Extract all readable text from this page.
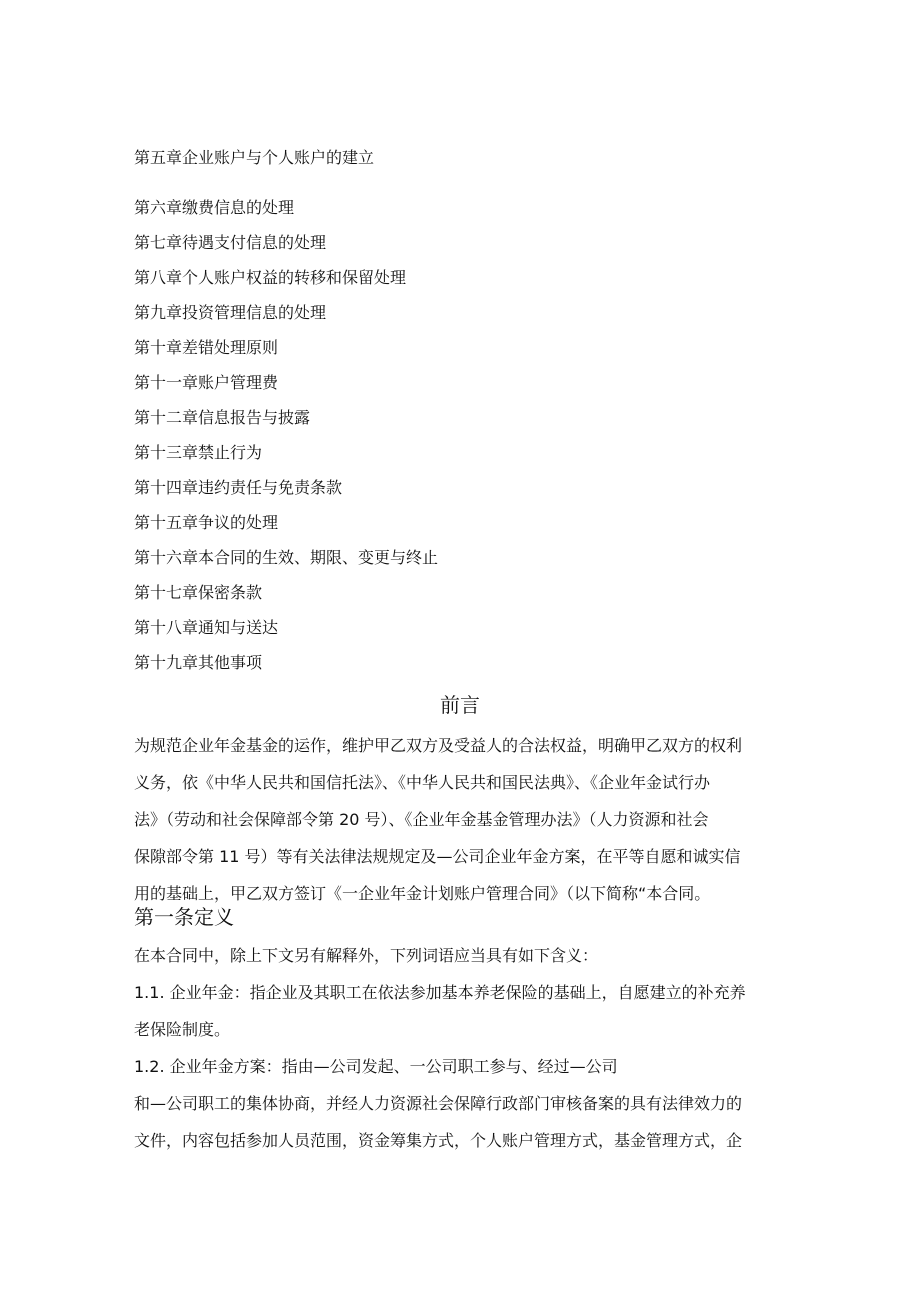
第五章企业账户与个人账户的建立
第六章缴费信息的处理
第七章待遇支付信息的处理
第八章个人账户权益的转移和保留处理
第九章投资管理信息的处理
第十章差错处理原则
第十一章账户管理费
第十二章信息报告与披露
第十三章禁止行为
第十四章违约责任与免责条款
第十五章争议的处理
第十六章本合同的生效、期限、变更与终止
第十七章保密条款
第十八章通知与送达
第十九章其他事项
前言
为规范企业年金基金的运作，维护甲乙双方及受益人的合法权益，明确甲乙双方的权利
义务，依《中华人民共和国信托法》、《中华人民共和国民法典》、《企业年金试行办
法》（劳动和社会保障部令第 20 号）、《企业年金基金管理办法》（人力资源和社会
保隙部令第 11 号）等有关法律法规规定及—公司企业年金方案，在平等自愿和诚实信
用的基础上，甲乙双方签订《一企业年金计划账户管理合同》（以下简称“本合同。
第一条定义
在本合同中，除上下文另有解释外，下列词语应当具有如下含义：
1.1. 企业年金：指企业及其职工在依法参加基本养老保险的基础上，自愿建立的补充养
老保险制度。
1.2. 企业年金方案：指由—公司发起、一公司职工参与、经过—公司
和—公司职工的集体协商，并经人力资源社会保障行政部门审核备案的具有法律效力的
文件，内容包括参加人员范围，资金筹集方式，个人账户管理方式，基金管理方式，企
